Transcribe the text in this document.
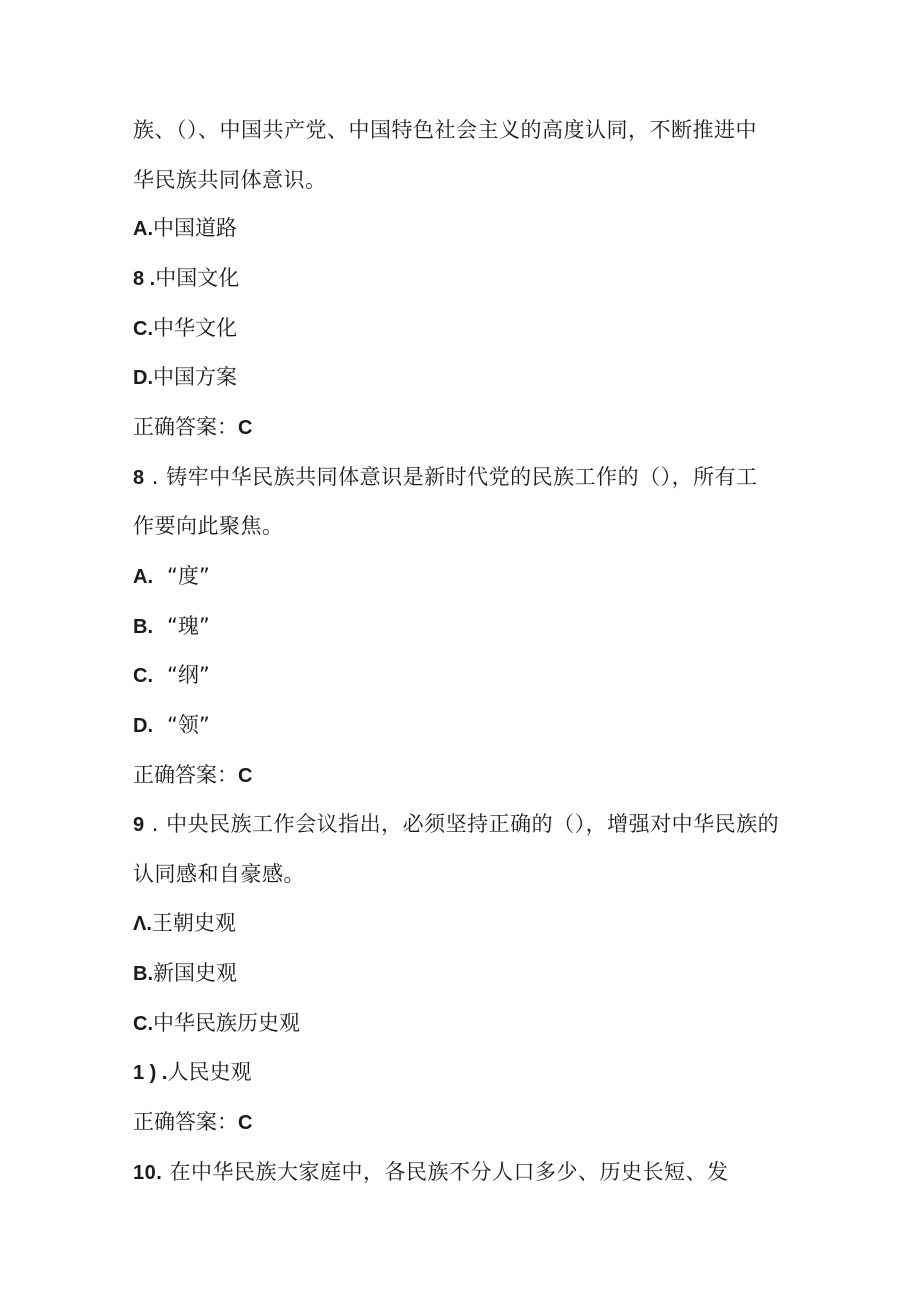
族、（）、中国共产党、中国特色社会主义的高度认同，不断推进中

华民族共同体意识。

A.中国道路

8 .中国文化

C.中华文化

D.中国方案

正确答案：C

8 . 铸牢中华民族共同体意识是新时代党的民族工作的（），所有工

作要向此聚焦。

A. “度”

B. “瑰”

C. “纲”

D. “领”

正确答案：C

9 . 中央民族工作会议指出，必须坚持正确的（），增强对中华民族的

认同感和自豪感。

Λ.王朝史观

B.新国史观

C.中华民族历史观

1 ) .人民史观

正确答案：C

10. 在中华民族大家庭中，各民族不分人口多少、历史长短、发
